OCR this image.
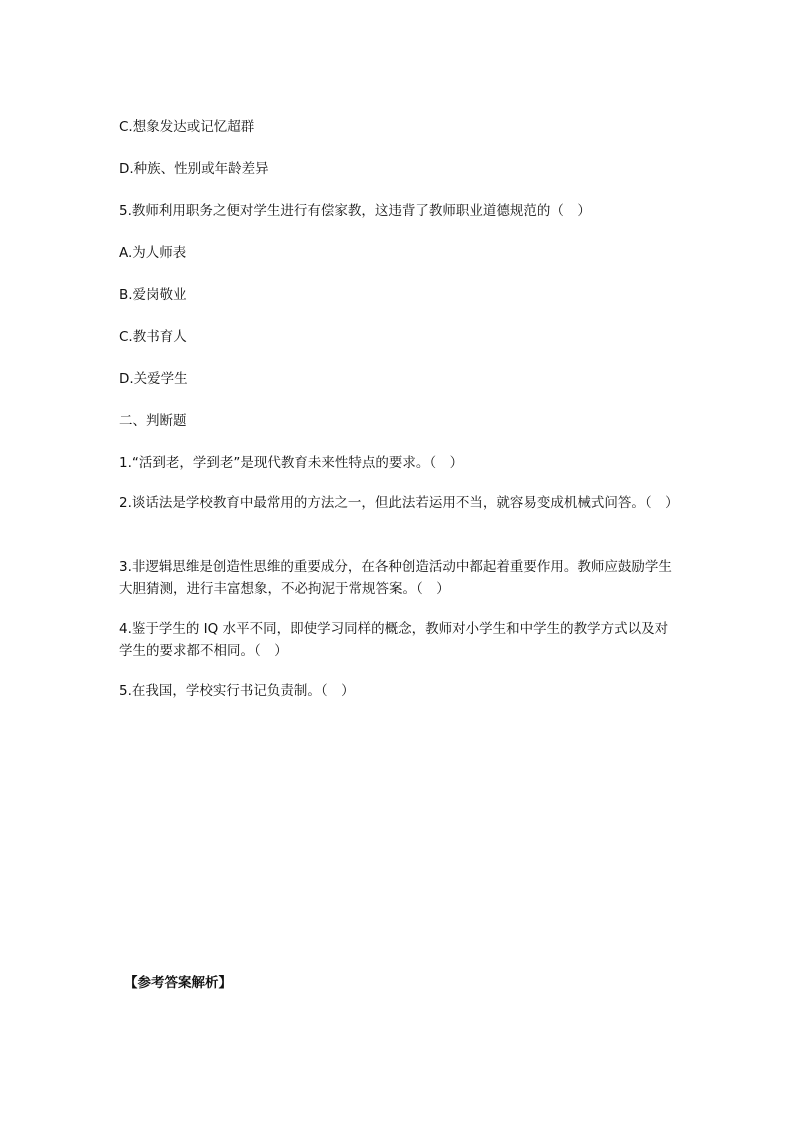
C.想象发达或记忆超群
D.种族、性别或年龄差异
5.教师利用职务之便对学生进行有偿家教，这违背了教师职业道德规范的（　）
A.为人师表
B.爱岗敬业
C.教书育人
D.关爱学生
二、判断题
1.“活到老，学到老”是现代教育未来性特点的要求。（　）
2.谈话法是学校教育中最常用的方法之一，但此法若运用不当，就容易变成机械式问答。（　）
3.非逻辑思维是创造性思维的重要成分，在各种创造活动中都起着重要作用。教师应鼓励学生大胆猜测，进行丰富想象，不必拘泥于常规答案。（　）
4.鉴于学生的 IQ 水平不同，即使学习同样的概念，教师对小学生和中学生的教学方式以及对学生的要求都不相同。（　）
5.在我国，学校实行书记负责制。（　）
【参考答案解析】
